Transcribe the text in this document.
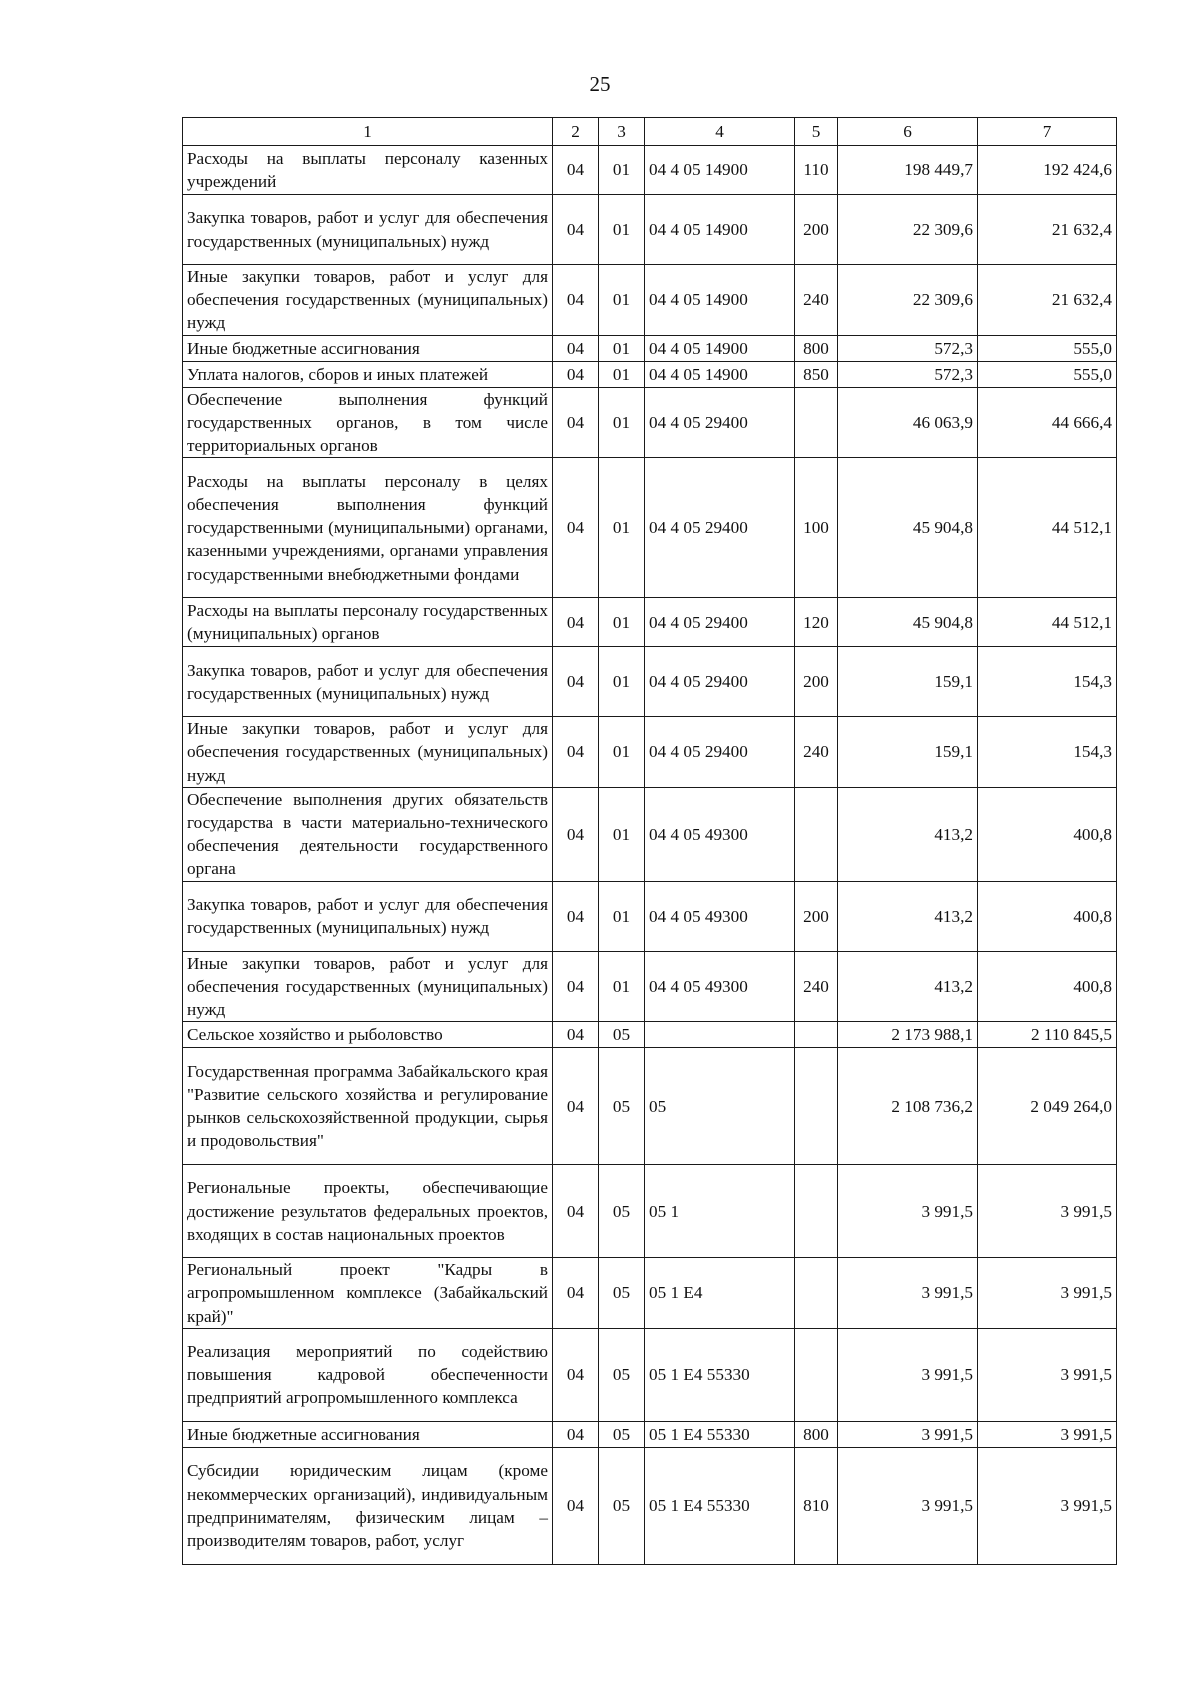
25
1	2	3	4	5	6	7
Расходы на выплаты персоналу казенных учреждений	04	01	04 4 05 14900	110	198 449,7	192 424,6
Закупка товаров, работ и услуг для обеспечения государственных (муниципальных) нужд	04	01	04 4 05 14900	200	22 309,6	21 632,4
Иные закупки товаров, работ и услуг для обеспечения государственных (муниципальных) нужд	04	01	04 4 05 14900	240	22 309,6	21 632,4
Иные бюджетные ассигнования	04	01	04 4 05 14900	800	572,3	555,0
Уплата налогов, сборов и иных платежей	04	01	04 4 05 14900	850	572,3	555,0
Обеспечение выполнения функций государственных органов, в том числе территориальных органов	04	01	04 4 05 29400		46 063,9	44 666,4
Расходы на выплаты персоналу в целях обеспечения выполнения функций государственными (муниципальными) органами, казенными учреждениями, органами управления государственными внебюджетными фондами	04	01	04 4 05 29400	100	45 904,8	44 512,1
Расходы на выплаты персоналу государственных (муниципальных) органов	04	01	04 4 05 29400	120	45 904,8	44 512,1
Закупка товаров, работ и услуг для обеспечения государственных (муниципальных) нужд	04	01	04 4 05 29400	200	159,1	154,3
Иные закупки товаров, работ и услуг для обеспечения государственных (муниципальных) нужд	04	01	04 4 05 29400	240	159,1	154,3
Обеспечение выполнения других обязательств государства в части материально-технического обеспечения деятельности государственного органа	04	01	04 4 05 49300		413,2	400,8
Закупка товаров, работ и услуг для обеспечения государственных (муниципальных) нужд	04	01	04 4 05 49300	200	413,2	400,8
Иные закупки товаров, работ и услуг для обеспечения государственных (муниципальных) нужд	04	01	04 4 05 49300	240	413,2	400,8
Сельское хозяйство и рыболовство	04	05			2 173 988,1	2 110 845,5
Государственная программа Забайкальского края "Развитие сельского хозяйства и регулирование рынков сельскохозяйственной продукции, сырья и продовольствия"	04	05	05		2 108 736,2	2 049 264,0
Региональные проекты, обеспечивающие достижение результатов федеральных проектов, входящих в состав национальных проектов	04	05	05 1		3 991,5	3 991,5
Региональный проект "Кадры в агропромышленном комплексе (Забайкальский край)"	04	05	05 1 Е4		3 991,5	3 991,5
Реализация мероприятий по содействию повышения кадровой обеспеченности предприятий агропромышленного комплекса	04	05	05 1 Е4 55330		3 991,5	3 991,5
Иные бюджетные ассигнования	04	05	05 1 Е4 55330	800	3 991,5	3 991,5
Субсидии юридическим лицам (кроме некоммерческих организаций), индивидуальным предпринимателям, физическим лицам – производителям товаров, работ, услуг	04	05	05 1 Е4 55330	810	3 991,5	3 991,5
